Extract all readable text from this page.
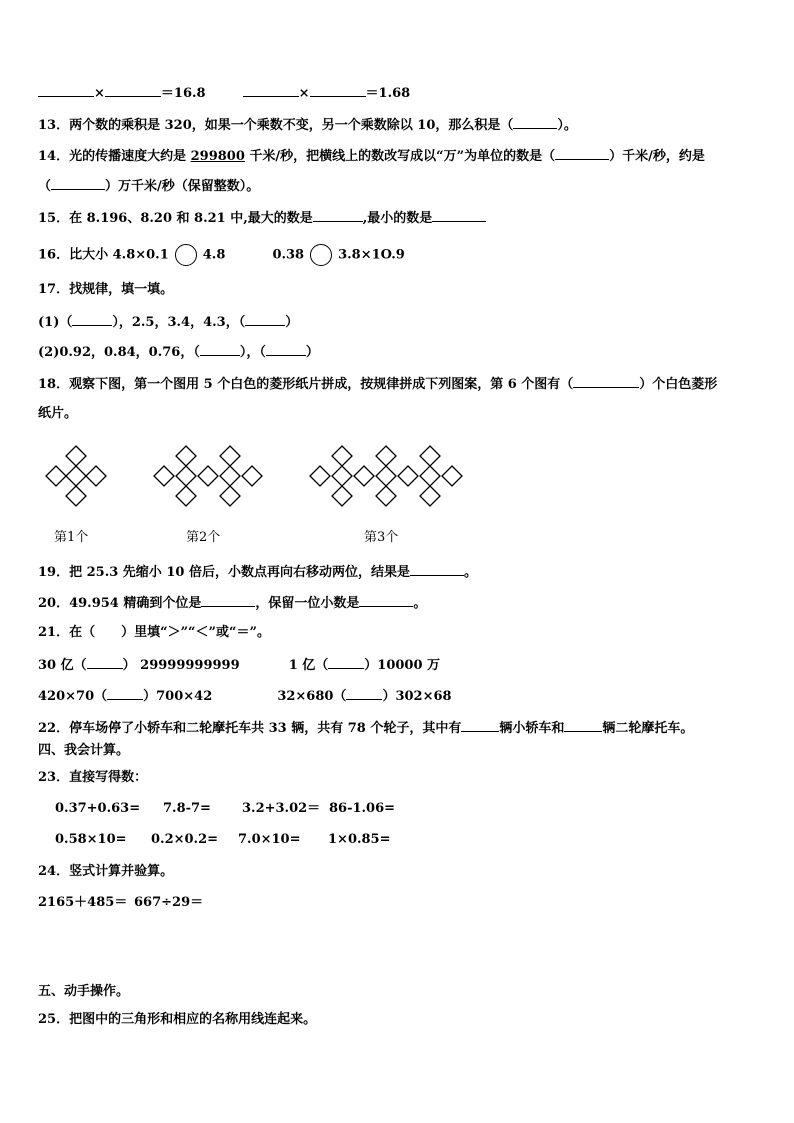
×	＝16.8	×	＝1.68
13．两个数的乘积是 320，如果一个乘数不变，另一个乘数除以 10，那么积是（	）。
14．光的传播速度大约是 299800 千米/秒，把横线上的数改写成以“万”为单位的数是（	）千米/秒，约是
（	）万千米/秒（保留整数）。
15．在 8.196、8.20 和 8.21 中,最大的数是	,最小的数是
16．比大小 4.8×0.1	4.8	0.38	3.8×1O.9
17．找规律，填一填。
(1)（	），2.5，3.4，4.3，（	）
(2)0.92，0.84，0.76，（	），（	）
18．观察下图，第一个图用 5 个白色的菱形纸片拼成，按规律拼成下列图案，第 6 个图有（	）个白色菱形
纸片。
第1个	第2个	第3个
19．把 25.3 先缩小 10 倍后，小数点再向右移动两位，结果是	。
20．49.954 精确到个位是	，保留一位小数是	。
21．在（　　）里填“＞”“＜”或“＝”。
30 亿（	） 29999999999	1 亿（	）10000 万
420×70（	）700×42	32×680（	）302×68
22．停车场停了小轿车和二轮摩托车共 33 辆，共有 78 个轮子，其中有	辆小轿车和	辆二轮摩托车。
四、我会计算。
23．直接写得数：
0.37+0.63= 7.8-7= 3.2+3.02＝ 86-1.06=
0.58×10= 0.2×0.2= 7.0×10= 1×0.85=
24．竖式计算并验算。
2165＋485＝ 667÷29＝
五、动手操作。
25．把图中的三角形和相应的名称用线连起来。
